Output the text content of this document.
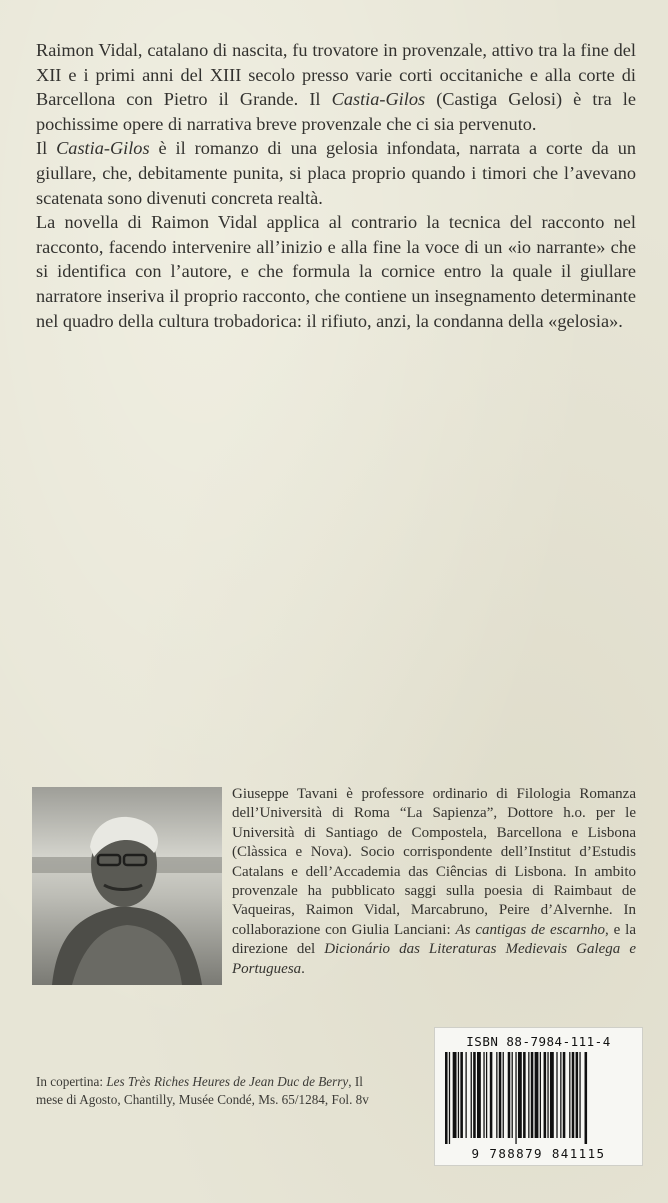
Raimon Vidal, catalano di nascita, fu trovatore in provenzale, attivo tra la fine del XII e i primi anni del XIII secolo presso varie corti occitaniche e alla corte di Barcellona con Pietro il Grande. Il Castia-Gilos (Castiga Gelosi) è tra le pochissime opere di narrativa breve provenzale che ci sia pervenuto.

Il Castia-Gilos è il romanzo di una gelosia infondata, narrata a corte da un giullare, che, debitamente punita, si placa proprio quando i timori che l’avevano scatenata sono divenuti concreta realtà.

La novella di Raimon Vidal applica al contrario la tecnica del racconto nel racconto, facendo intervenire all’inizio e alla fine la voce di un «io narrante» che si identifica con l’autore, e che formula la cornice entro la quale il giullare narratore inseriva il proprio racconto, che contiene un insegnamento determinante nel quadro della cultura trobadorica: il rifiuto, anzi, la condanna della «gelosia».

Giuseppe Tavani è professore ordinario di Filologia Romanza dell’Università di Roma “La Sapienza”, Dottore h.o. per le Università di Santiago de Compostela, Barcellona e Lisbona (Clàssica e Nova). Socio corrispondente dell’Institut d’Estudis Catalans e dell’Accademia das Ciências di Lisbona. In ambito provenzale ha pubblicato saggi sulla poesia di Raimbaut de Vaqueiras, Raimon Vidal, Marcabruno, Peire d’Alvernhe. In collaborazione con Giulia Lanciani: As cantigas de escarnho, e la direzione del Dicionário das Literaturas Medievais Galega e Portuguesa.
In copertina: Les Très Riches Heures de Jean Duc de Berry, Il mese di Agosto, Chantilly, Musée Condé, Ms. 65/1284, Fol. 8v
ISBN 88-7984-111-4
9 788879 841115
